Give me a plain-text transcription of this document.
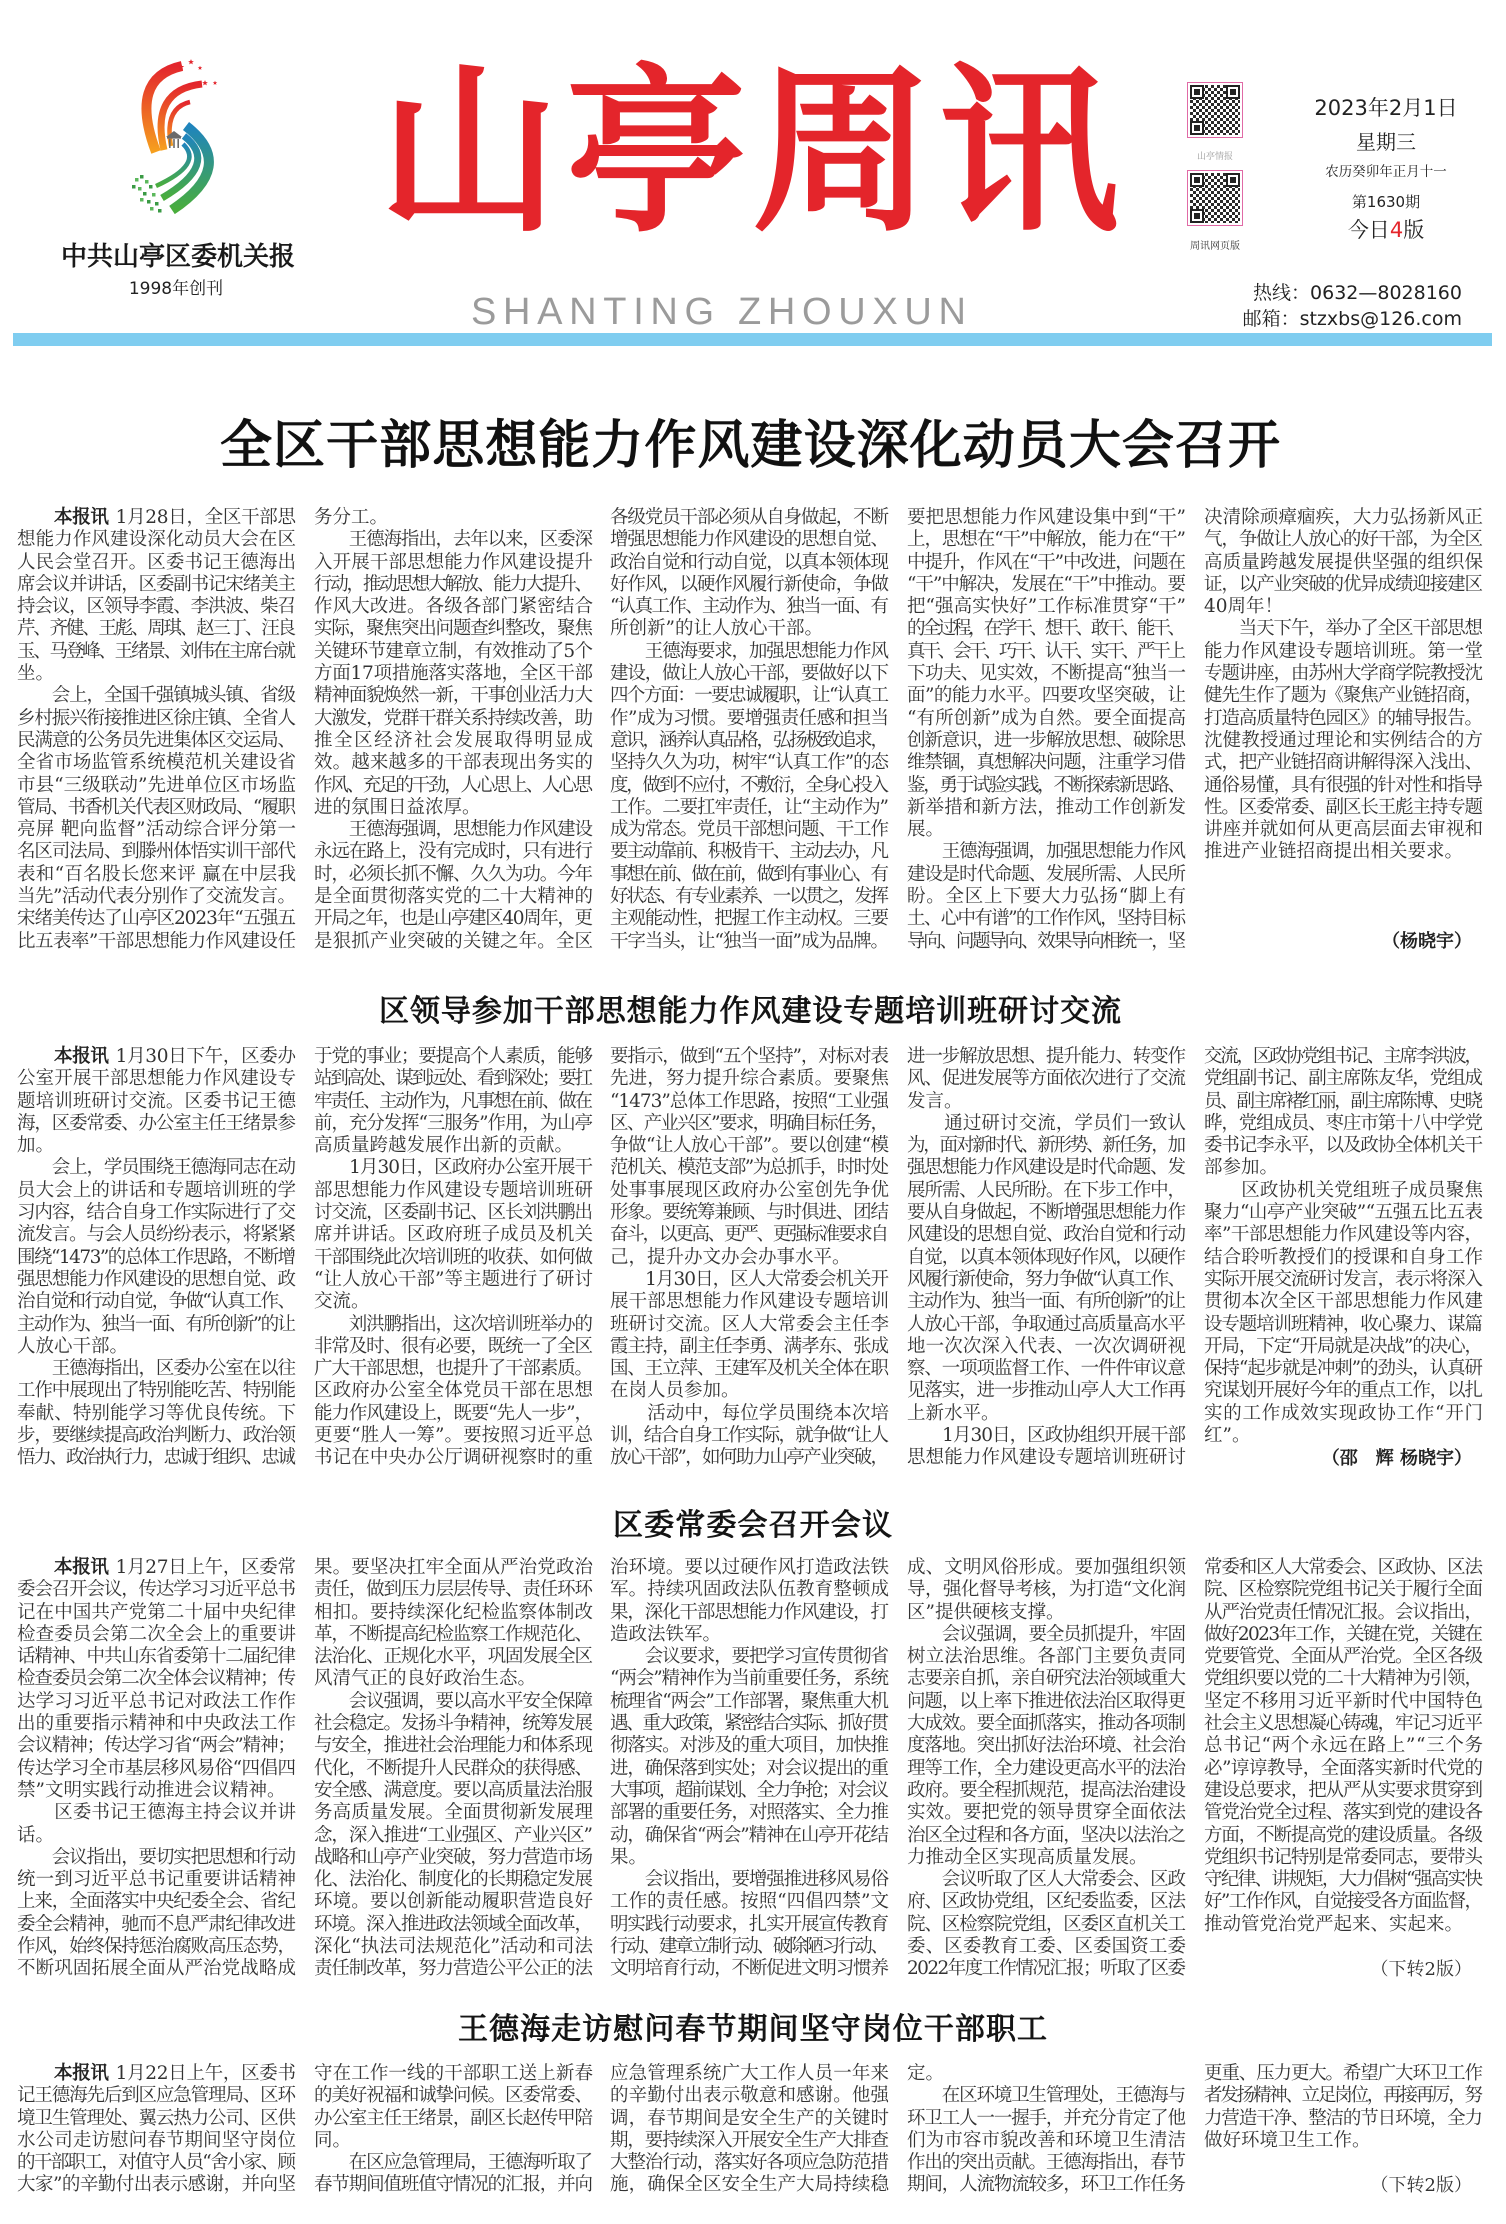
中共山亭区委机关报
1998年创刊
山亭周讯
SHANTING ZHOUXUN
山亭情报
周讯网页版
2023年2月1日
星期三
农历癸卯年正月十一
第1630期
今日4版
热线：0632—8028160
邮箱：stzxbs@126.com
全区干部思想能力作风建设深化动员大会召开
本报讯 1月28日，全区干部思
想能力作风建设深化动员大会在区
人民会堂召开。区委书记王德海出
席会议并讲话，区委副书记宋绪美主
持会议，区领导李霞、李洪波、柴召
芹、齐健、王彪、周琪、赵三丁、汪良
玉、马登峰、王绪景、刘伟在主席台就
坐。
　　会上，全国千强镇城头镇、省级
乡村振兴衔接推进区徐庄镇、全省人
民满意的公务员先进集体区交运局、
全省市场监管系统模范机关建设省
市县“三级联动”先进单位区市场监
管局、书香机关代表区财政局、“履职
亮屏 靶向监督”活动综合评分第一
名区司法局、到滕州体悟实训干部代
表和“百名股长您来评 赢在中层我
当先”活动代表分别作了交流发言。
宋绪美传达了山亭区2023年“五强五
比五表率”干部思想能力作风建设任
务分工。
　　王德海指出，去年以来，区委深
入开展干部思想能力作风建设提升
行动，推动思想大解放、能力大提升、
作风大改进。各级各部门紧密结合
实际，聚焦突出问题查纠整改，聚焦
关键环节建章立制，有效推动了5个
方面17项措施落实落地，全区干部
精神面貌焕然一新，干事创业活力大
大激发，党群干群关系持续改善，助
推全区经济社会发展取得明显成
效。越来越多的干部表现出务实的
作风、充足的干劲，人心思上、人心思
进的氛围日益浓厚。
　　王德海强调，思想能力作风建设
永远在路上，没有完成时，只有进行
时，必须长抓不懈、久久为功。今年
是全面贯彻落实党的二十大精神的
开局之年，也是山亭建区40周年，更
是狠抓产业突破的关键之年。全区
各级党员干部必须从自身做起，不断
增强思想能力作风建设的思想自觉、
政治自觉和行动自觉，以真本领体现
好作风，以硬作风履行新使命，争做
“认真工作、主动作为、独当一面、有
所创新”的让人放心干部。
　　王德海要求，加强思想能力作风
建设，做让人放心干部，要做好以下
四个方面：一要忠诚履职，让“认真工
作”成为习惯。要增强责任感和担当
意识，涵养认真品格，弘扬极致追求，
坚持久久为功，树牢“认真工作”的态
度，做到不应付，不敷衍，全身心投入
工作。二要扛牢责任，让“主动作为”
成为常态。党员干部想问题、干工作
要主动靠前、积极肯干、主动去办，凡
事想在前、做在前，做到有事业心、有
好状态、有专业素养、一以贯之，发挥
主观能动性，把握工作主动权。三要
干字当头，让“独当一面”成为品牌。
要把思想能力作风建设集中到“干”
上，思想在“干”中解放，能力在“干”
中提升，作风在“干”中改进，问题在
“干”中解决，发展在“干”中推动。要
把“强高实快好”工作标准贯穿“干”
的全过程，在学干、想干、敢干、能干、
真干、会干、巧干、认干、实干、严干上
下功夫、见实效，不断提高“独当一
面”的能力水平。四要攻坚突破，让
“有所创新”成为自然。要全面提高
创新意识，进一步解放思想、破除思
维禁锢，真想解决问题，注重学习借
鉴，勇于试验实践，不断探索新思路、
新举措和新方法，推动工作创新发
展。
　　王德海强调，加强思想能力作风
建设是时代命题、发展所需、人民所
盼。全区上下要大力弘扬“脚上有
土、心中有谱”的工作作风，坚持目标
导向、问题导向、效果导向相统一，坚
决清除顽瘴痼疾，大力弘扬新风正
气，争做让人放心的好干部，为全区
高质量跨越发展提供坚强的组织保
证，以产业突破的优异成绩迎接建区
40周年！
　　当天下午，举办了全区干部思想
能力作风建设专题培训班。第一堂
专题讲座，由苏州大学商学院教授沈
健先生作了题为《聚焦产业链招商，
打造高质量特色园区》的辅导报告。
沈健教授通过理论和实例结合的方
式，把产业链招商讲解得深入浅出、
通俗易懂，具有很强的针对性和指导
性。区委常委、副区长王彪主持专题
讲座并就如何从更高层面去审视和
推进产业链招商提出相关要求。
（杨晓宇）
区领导参加干部思想能力作风建设专题培训班研讨交流
本报讯 1月30日下午，区委办
公室开展干部思想能力作风建设专
题培训班研讨交流。区委书记王德
海，区委常委、办公室主任王绪景参
加。
　　会上，学员围绕王德海同志在动
员大会上的讲话和专题培训班的学
习内容，结合自身工作实际进行了交
流发言。与会人员纷纷表示，将紧紧
围绕“1473”的总体工作思路，不断增
强思想能力作风建设的思想自觉、政
治自觉和行动自觉，争做“认真工作、
主动作为、独当一面、有所创新”的让
人放心干部。
　　王德海指出，区委办公室在以往
工作中展现出了特别能吃苦、特别能
奉献、特别能学习等优良传统。下
步，要继续提高政治判断力、政治领
悟力、政治执行力，忠诚于组织、忠诚
于党的事业；要提高个人素质，能够
站到高处、谋到远处、看到深处；要扛
牢责任、主动作为，凡事想在前、做在
前，充分发挥“三服务”作用，为山亭
高质量跨越发展作出新的贡献。
　　1月30日，区政府办公室开展干
部思想能力作风建设专题培训班研
讨交流，区委副书记、区长刘洪鹏出
席并讲话。区政府班子成员及机关
干部围绕此次培训班的收获、如何做
“让人放心干部”等主题进行了研讨
交流。
　　刘洪鹏指出，这次培训班举办的
非常及时、很有必要，既统一了全区
广大干部思想，也提升了干部素质。
区政府办公室全体党员干部在思想
能力作风建设上，既要“先人一步”，
更要“胜人一筹”。要按照习近平总
书记在中央办公厅调研视察时的重
要指示，做到“五个坚持”，对标对表
先进，努力提升综合素质。要聚焦
“1473”总体工作思路，按照“工业强
区、产业兴区”要求，明确目标任务，
争做“让人放心干部”。要以创建“模
范机关、模范支部”为总抓手，时时处
处事事展现区政府办公室创先争优
形象。要统筹兼顾、与时俱进、团结
奋斗，以更高、更严、更强标准要求自
己，提升办文办会办事水平。
　　1月30日，区人大常委会机关开
展干部思想能力作风建设专题培训
班研讨交流。区人大常委会主任李
霞主持，副主任李勇、满孝东、张成
国、王立萍、王建军及机关全体在职
在岗人员参加。
　　活动中，每位学员围绕本次培
训，结合自身工作实际，就争做“让人
放心干部”，如何助力山亭产业突破，
进一步解放思想、提升能力、转变作
风、促进发展等方面依次进行了交流
发言。
　　通过研讨交流，学员们一致认
为，面对新时代、新形势、新任务，加
强思想能力作风建设是时代命题、发
展所需、人民所盼。在下步工作中，
要从自身做起，不断增强思想能力作
风建设的思想自觉、政治自觉和行动
自觉，以真本领体现好作风，以硬作
风履行新使命，努力争做“认真工作、
主动作为、独当一面、有所创新”的让
人放心干部，争取通过高质量高水平
地一次次深入代表、一次次调研视
察、一项项监督工作、一件件审议意
见落实，进一步推动山亭人大工作再
上新水平。
　　1月30日，区政协组织开展干部
思想能力作风建设专题培训班研讨
交流，区政协党组书记、主席李洪波，
党组副书记、副主席陈友华，党组成
员、副主席褚红丽，副主席陈博、史晓
晔，党组成员、枣庄市第十八中学党
委书记李永平，以及政协全体机关干
部参加。
　　区政协机关党组班子成员聚焦
聚力“山亭产业突破”“五强五比五表
率”干部思想能力作风建设等内容，
结合聆听教授们的授课和自身工作
实际开展交流研讨发言，表示将深入
贯彻本次全区干部思想能力作风建
设专题培训班精神，收心聚力、谋篇
开局，下定“开局就是决战”的决心，
保持“起步就是冲刺”的劲头，认真研
究谋划开展好今年的重点工作，以扎
实的工作成效实现政协工作“开门
红”。
（邵　辉 杨晓宇）
区委常委会召开会议
本报讯 1月27日上午，区委常
委会召开会议，传达学习习近平总书
记在中国共产党第二十届中央纪律
检查委员会第二次全会上的重要讲
话精神、中共山东省委第十二届纪律
检查委员会第二次全体会议精神；传
达学习习近平总书记对政法工作作
出的重要指示精神和中央政法工作
会议精神；传达学习省“两会”精神；
传达学习全市基层移风易俗“四倡四
禁”文明实践行动推进会议精神。
　　区委书记王德海主持会议并讲
话。
　　会议指出，要切实把思想和行动
统一到习近平总书记重要讲话精神
上来，全面落实中央纪委全会、省纪
委全会精神，驰而不息严肃纪律改进
作风，始终保持惩治腐败高压态势，
不断巩固拓展全面从严治党战略成
果。要坚决扛牢全面从严治党政治
责任，做到压力层层传导、责任环环
相扣。要持续深化纪检监察体制改
革，不断提高纪检监察工作规范化、
法治化、正规化水平，巩固发展全区
风清气正的良好政治生态。
　　会议强调，要以高水平安全保障
社会稳定。发扬斗争精神，统筹发展
与安全，推进社会治理能力和体系现
代化，不断提升人民群众的获得感、
安全感、满意度。要以高质量法治服
务高质量发展。全面贯彻新发展理
念，深入推进“工业强区、产业兴区”
战略和山亭产业突破，努力营造市场
化、法治化、制度化的长期稳定发展
环境。要以创新能动履职营造良好
环境。深入推进政法领域全面改革，
深化“执法司法规范化”活动和司法
责任制改革，努力营造公平公正的法
治环境。要以过硬作风打造政法铁
军。持续巩固政法队伍教育整顿成
果，深化干部思想能力作风建设，打
造政法铁军。
　　会议要求，要把学习宣传贯彻省
“两会”精神作为当前重要任务，系统
梳理省“两会”工作部署，聚焦重大机
遇、重大政策，紧密结合实际、抓好贯
彻落实。对涉及的重大项目，加快推
进，确保落到实处；对会议提出的重
大事项，超前谋划、全力争抢；对会议
部署的重要任务，对照落实、全力推
动，确保省“两会”精神在山亭开花结
果。
　　会议指出，要增强推进移风易俗
工作的责任感。按照“四倡四禁”文
明实践行动要求，扎实开展宣传教育
行动、建章立制行动、破除陋习行动、
文明培育行动，不断促进文明习惯养
成、文明风俗形成。要加强组织领
导，强化督导考核，为打造“文化润
区”提供硬核支撑。
　　会议强调，要全员抓提升，牢固
树立法治思维。各部门主要负责同
志要亲自抓，亲自研究法治领域重大
问题，以上率下推进依法治区取得更
大成效。要全面抓落实，推动各项制
度落地。突出抓好法治环境、社会治
理等工作，全力建设更高水平的法治
政府。要全程抓规范，提高法治建设
实效。要把党的领导贯穿全面依法
治区全过程和各方面，坚决以法治之
力推动全区实现高质量发展。
　　会议听取了区人大常委会、区政
府、区政协党组，区纪委监委，区法
院、区检察院党组，区委区直机关工
委、区委教育工委、区委国资工委
2022年度工作情况汇报；听取了区委
常委和区人大常委会、区政协、区法
院、区检察院党组书记关于履行全面
从严治党责任情况汇报。会议指出，
做好2023年工作，关键在党，关键在
党要管党、全面从严治党。全区各级
党组织要以党的二十大精神为引领，
坚定不移用习近平新时代中国特色
社会主义思想凝心铸魂，牢记习近平
总书记“两个永远在路上”“三个务
必”谆谆教导，全面落实新时代党的
建设总要求，把从严从实要求贯穿到
管党治党全过程、落实到党的建设各
方面，不断提高党的建设质量。各级
党组织书记特别是常委同志，要带头
守纪律、讲规矩，大力倡树“强高实快
好”工作作风，自觉接受各方面监督，
推动管党治党严起来、实起来。
（下转2版）
王德海走访慰问春节期间坚守岗位干部职工
本报讯 1月22日上午，区委书
记王德海先后到区应急管理局、区环
境卫生管理处、翼云热力公司、区供
水公司走访慰问春节期间坚守岗位
的干部职工，对值守人员“舍小家、顾
大家”的辛勤付出表示感谢，并向坚
守在工作一线的干部职工送上新春
的美好祝福和诚挚问候。区委常委、
办公室主任王绪景，副区长赵传甲陪
同。
　　在区应急管理局，王德海听取了
春节期间值班值守情况的汇报，并向
应急管理系统广大工作人员一年来
的辛勤付出表示敬意和感谢。他强
调，春节期间是安全生产的关键时
期，要持续深入开展安全生产大排查
大整治行动，落实好各项应急防范措
施，确保全区安全生产大局持续稳
定。
　　在区环境卫生管理处，王德海与
环卫工人一一握手，并充分肯定了他
们为市容市貌改善和环境卫生清洁
作出的突出贡献。王德海指出，春节
期间，人流物流较多，环卫工作任务
更重、压力更大。希望广大环卫工作
者发扬精神、立足岗位，再接再厉，努
力营造干净、整洁的节日环境，全力
做好环境卫生工作。
（下转2版）
